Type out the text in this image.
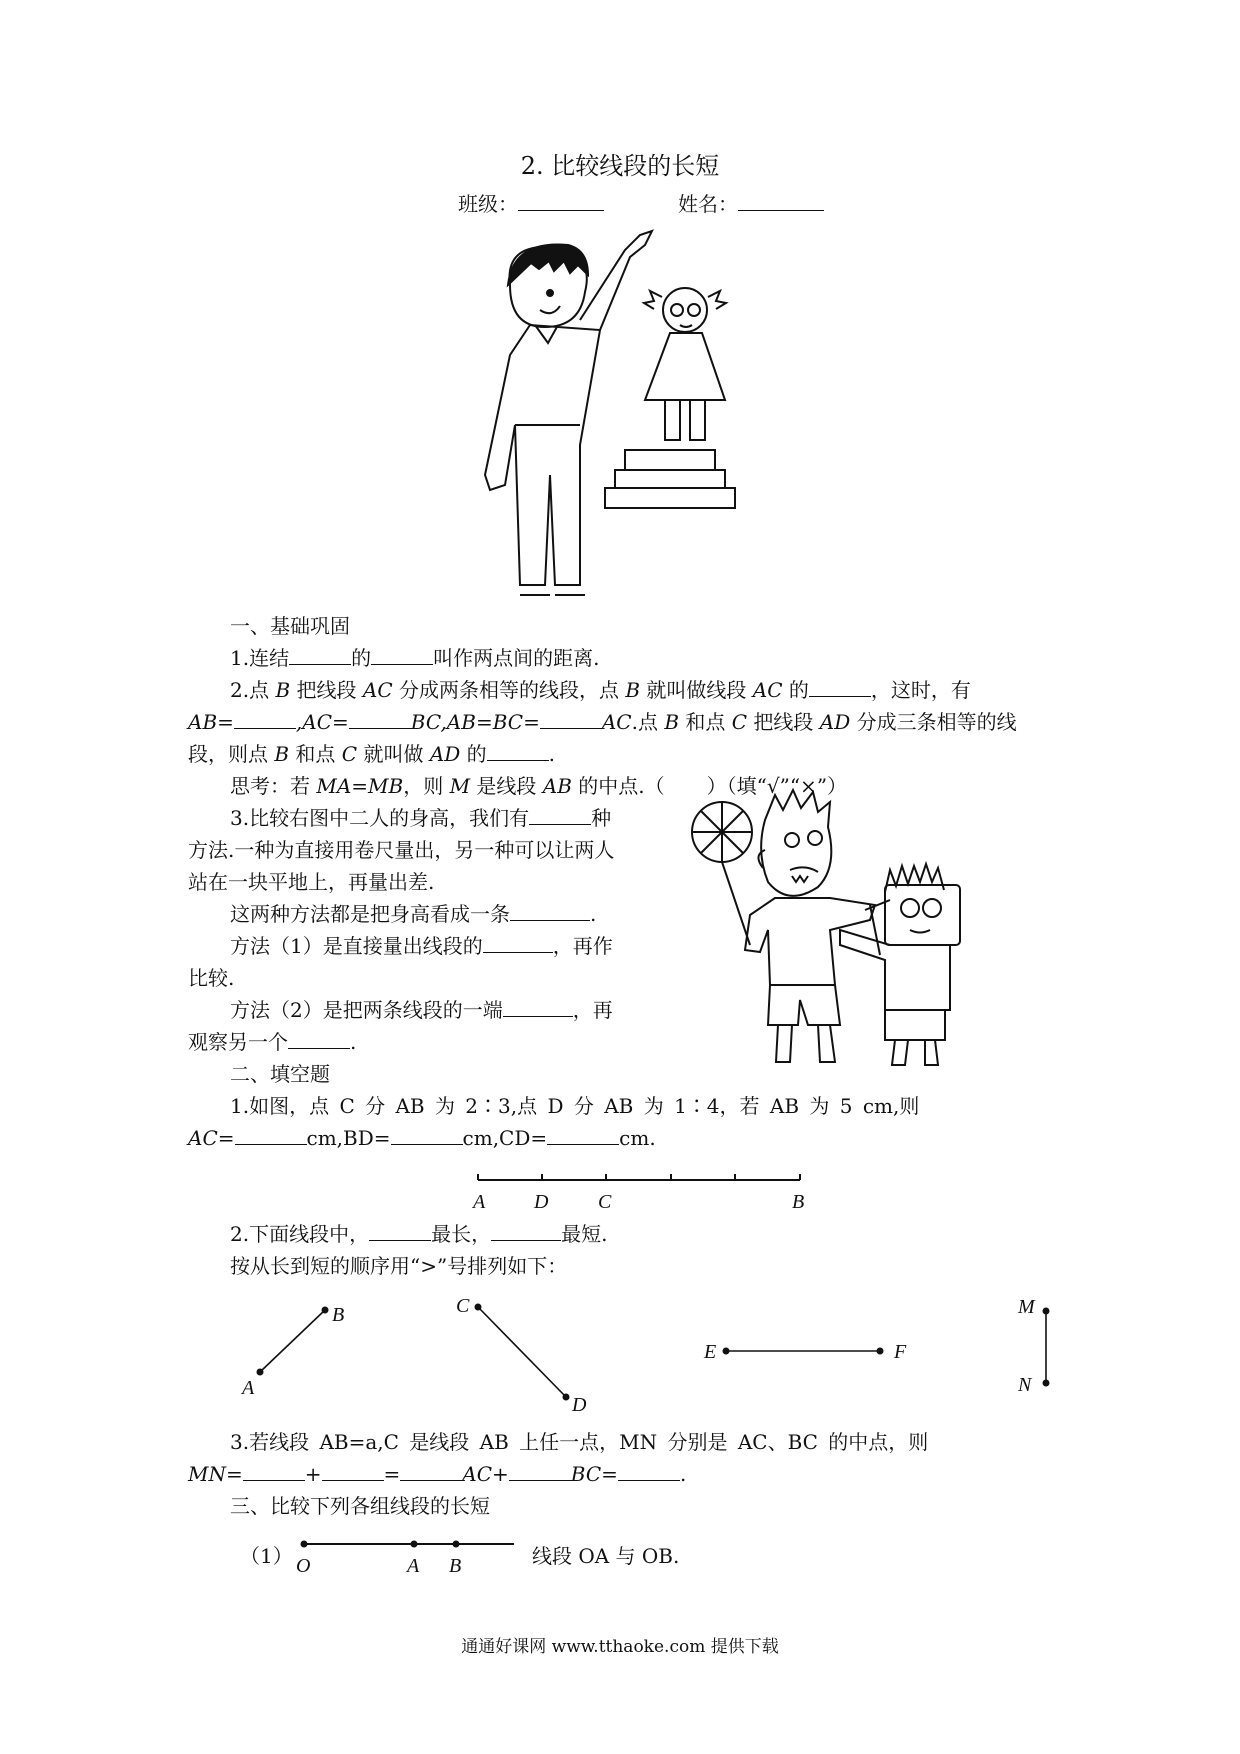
2. 比较线段的长短
班级：	姓名：
一、基础巩固
1.连结	的	叫作两点间的距离.
2.点 B 把线段 AC 分成两条相等的线段，点 B 就叫做线段 AC 的	，这时，有
AB=	,AC=	BC,AB=BC=	AC.点 B 和点 C 把线段 AD 分成三条相等的线
段，则点 B 和点 C 就叫做 AD 的	.
思考：若 MA=MB，则 M 是线段 AB 的中点.（ ）（填“√”“×”）
3.比较右图中二人的身高，我们有	种
方法.一种为直接用卷尺量出，另一种可以让两人
站在一块平地上，再量出差.
这两种方法都是把身高看成一条	.
方法（1）是直接量出线段的	，再作
比较.
方法（2）是把两条线段的一端	，再
观察另一个	.
二、填空题
1.如图，点 C 分 AB 为 2∶3,点 D 分 AB 为 1∶4，若 AB 为 5 cm,则
AC=	cm,BD=	cm,CD=	cm.
A D C	B
2.下面线段中，	最长，	最短.
按从长到短的顺序用“>”号排列如下：
A
B	C
D
E	F
M
N
3.若线段 AB=a,C 是线段 AB 上任一点，MN 分别是 AC、BC 的中点，则
MN=	+	=	AC+	BC=	.
三、比较下列各组线段的长短
（1） O	A B	线段 OA 与 OB.
通通好课网 www.tthaoke.com 提供下载
